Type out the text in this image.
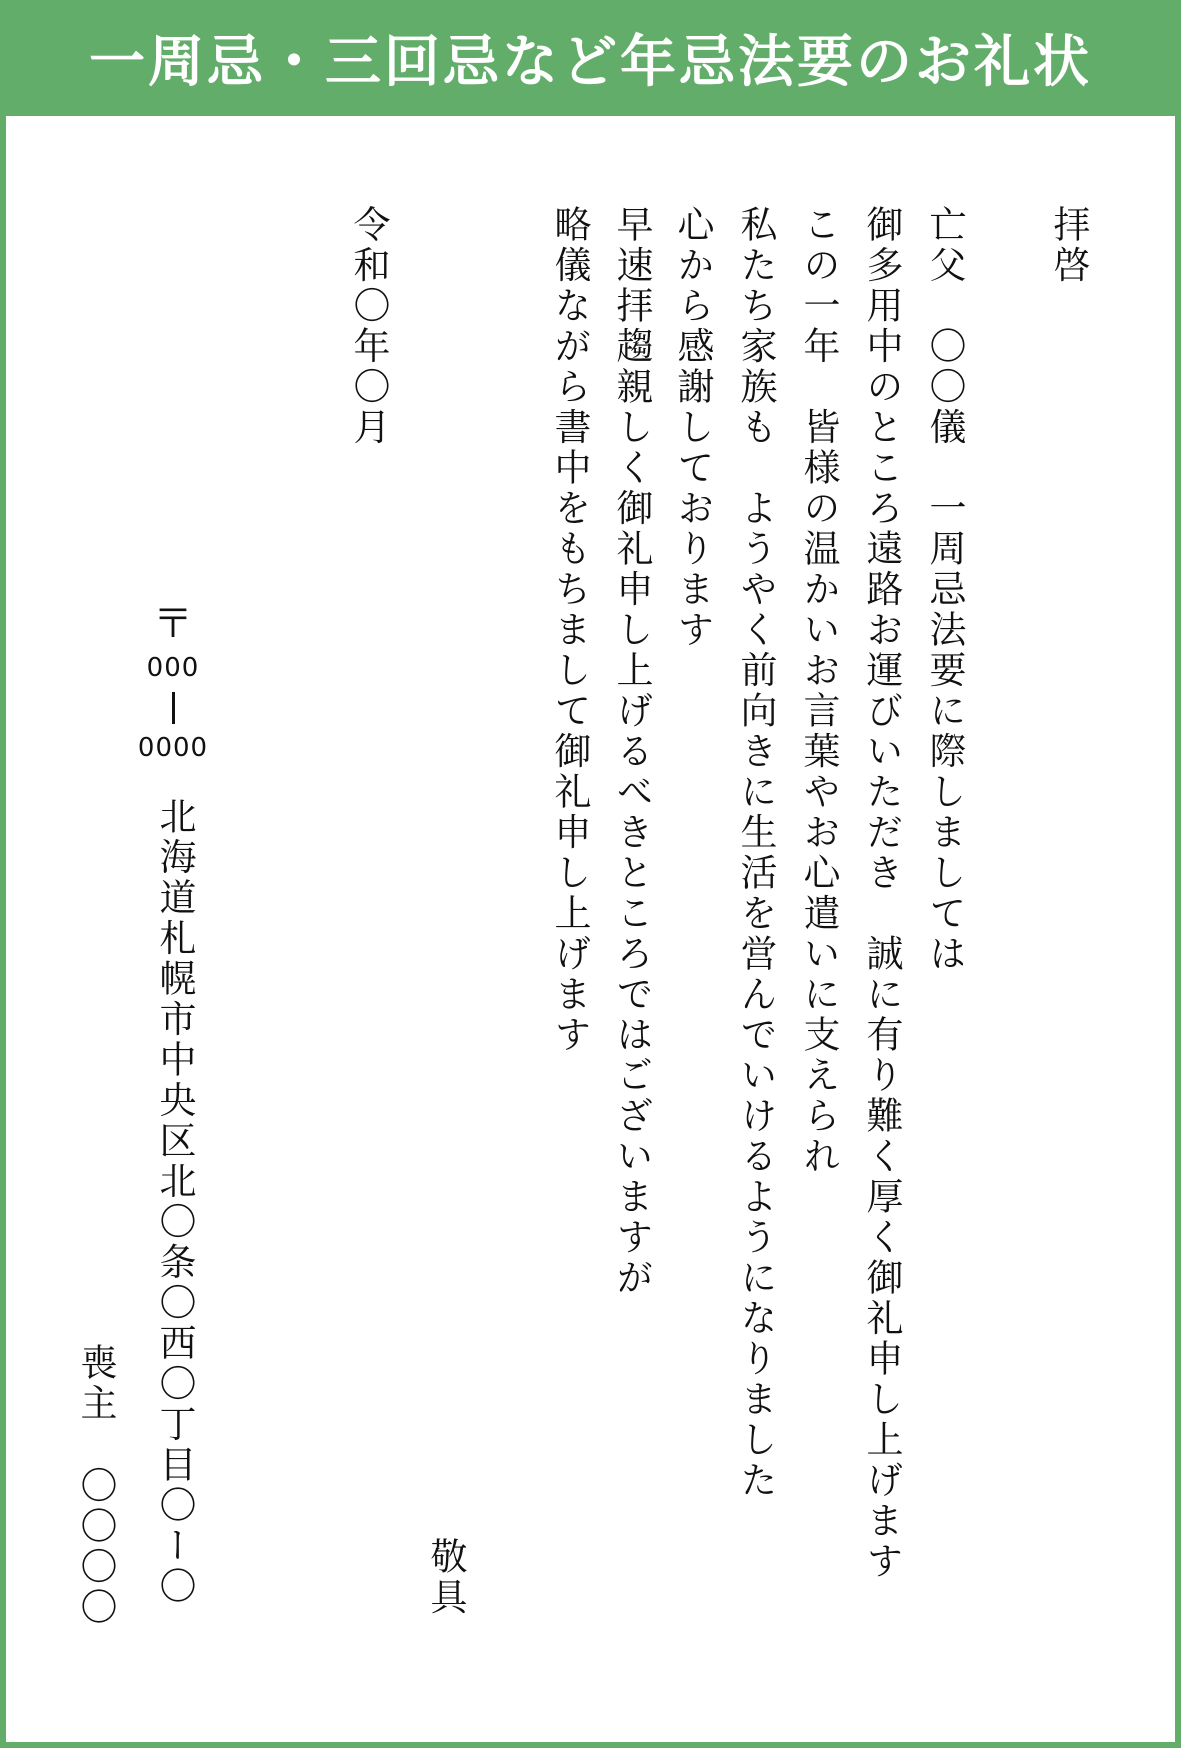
一周忌・三回忌など年忌法要のお礼状
拝啓
亡父　〇〇儀　一周忌法要に際しましては
御多用中のところ遠路お運びいただき　誠に有り難く厚く御礼申し上げます
この一年　皆様の温かいお言葉やお心遣いに支えられ
私たち家族も　ようやく前向きに生活を営んでいけるようになりました
心から感謝しております
早速拝趨親しく御礼申し上げるべきところではございますが
略儀ながら書中をもちまして御礼申し上げます
敬具
令和〇年〇月
〒
000
0000
北海道札幌市中央区北〇条〇西〇丁目〇ー〇
喪主
〇〇〇〇
